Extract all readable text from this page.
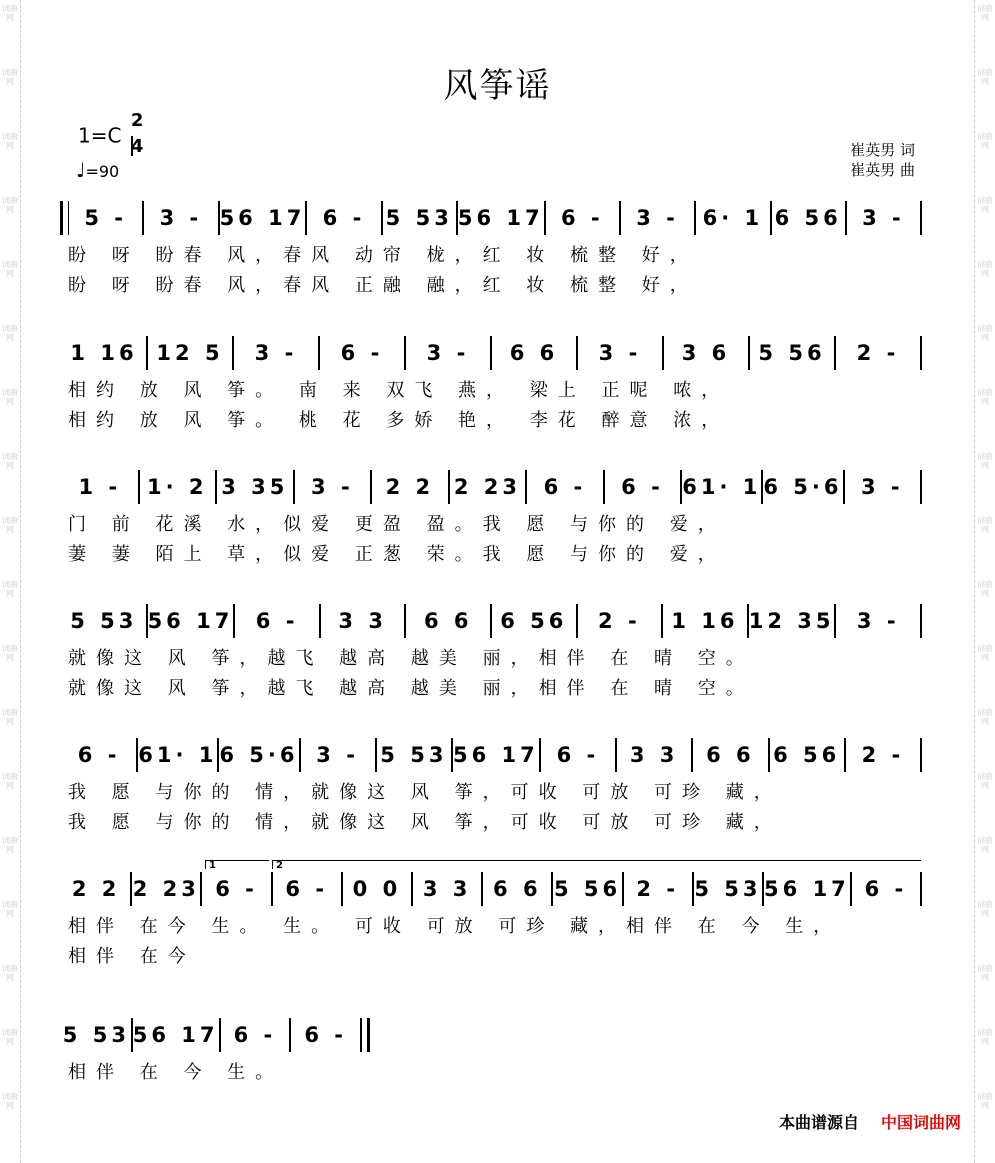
词曲网
词曲网
词曲网
词曲网
词曲网
词曲网
词曲网
词曲网
词曲网
词曲网
词曲网
词曲网
词曲网
词曲网
词曲网
词曲网
词曲网
词曲网
词曲网
词曲网
词曲网
词曲网
词曲网
词曲网
词曲网
词曲网
词曲网
词曲网
词曲网
词曲网
词曲网
词曲网
词曲网
词曲网
词曲网
词曲网
风筝谣
$1=C \frac{2}{4}$
♩=90
崔英男 词
崔英男 曲
5 -	3 - 56 17 6 - 5 53 56 17 6 -	3 -	6· 1 6 56 3 -
盼 呀 盼春 风，春风 动帘 栊，红 妆 梳整 好，
盼 呀 盼春 风，春风 正融 融，红 妆 梳整 好，
1 16 12 5	3 -	6 -	3 -	6 6	3 -	3 6	5 56	2 -
相约 放 风 筝。 南 来 双飞 燕， 梁上 正呢 哝，
相约 放 风 筝。 桃 花 多娇 艳， 李花 醉意 浓，
1 -	1· 2 3 35	3 -	2 2 2 23	6 -	6 - 61· 1 6 5·6 3 -
门 前 花溪 水，似爱 更盈 盈。我 愿 与你的 爱，
萋 萋 陌上 草，似爱 正葱 荣。我 愿 与你的 爱，
5 53 56 17	6 -	3 3	6 6	6 56	2 -	1 16 12 35	3 -
就像这 风 筝，越飞 越高 越美 丽，相伴 在 晴 空。
就像这 风 筝，越飞 越高 越美 丽，相伴 在 晴 空。
6 - 61· 1 6 5·6 3 -	5 53 56 17 6 -	3 3	6 6 6 56	2 -
我 愿 与你的 情，就像这 风 筝，可收 可放 可珍 藏，
我 愿 与你的 情，就像这 风 筝，可收 可放 可珍 藏，
2 2 2 23 6 -	6 -	0 0	3 3	6 6 5 56 2 - 5 53 56 17 6 -
1	2
相伴 在今 生。 生。 可收 可放 可珍 藏，相伴 在 今 生，
相伴 在今
5 53 56 17 6 -	6 -
相伴 在 今 生。
本曲谱源自 中国词曲网
